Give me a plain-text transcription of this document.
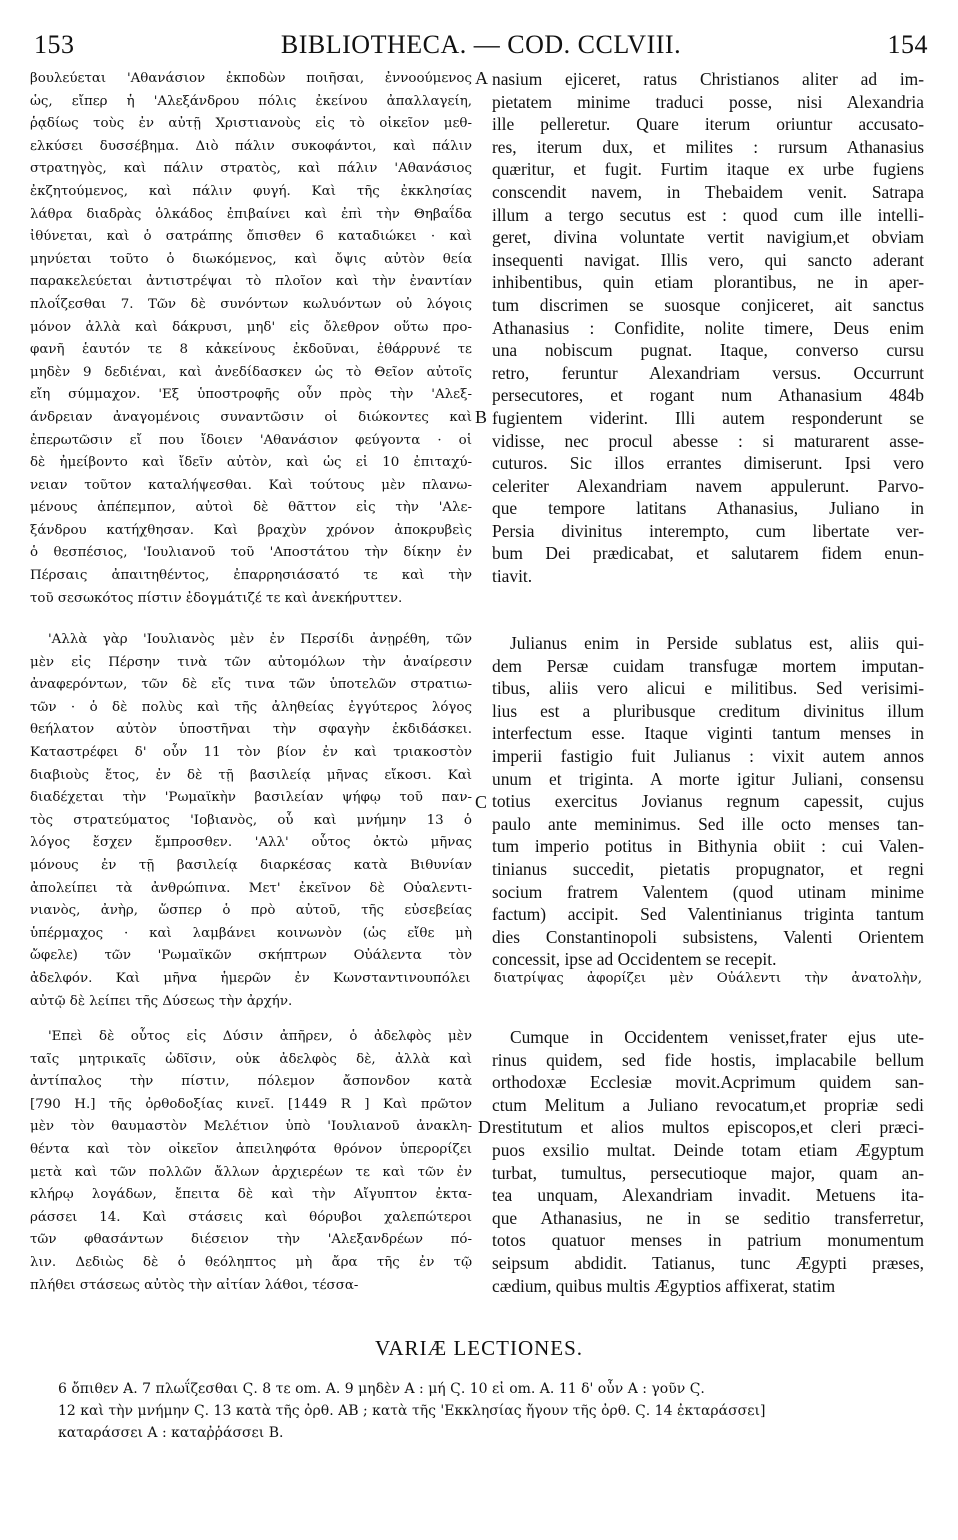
153	BIBLIOTHECA. — COD. CCLVIII.	154
A
B
C
D
βουλεύεται 'Αθανάσιον ἐκποδὼν ποιῆσαι, ἐννοούμενος
ὡς, εἴπερ ἡ 'Αλεξάνδρου πόλις ἐκείνου ἀπαλλαγείη,
ῥᾳδίως τοὺς ἐν αὐτῇ Χριστιανοὺς εἰς τὸ οἰκεῖον μεθ-
ελκύσει δυσσέβημα. Διὸ πάλιν συκοφάντοι, καὶ πάλιν
στρατηγὸς, καὶ πάλιν στρατὸς, καὶ πάλιν 'Αθανάσιος
ἐκζητούμενος, καὶ πάλιν φυγή. Καὶ τῆς ἐκκλησίας
λάθρα διαδρὰς ὁλκάδος ἐπιβαίνει καὶ ἐπὶ τὴν Θηβαΐδα
ἰθύνεται, καὶ ὁ σατράπης ὄπισθεν 6 καταδιώκει · καὶ
μηνύεται τοῦτο ὁ διωκόμενος, καὶ ὄψις αὐτὸν θεία
παρακελεύεται ἀντιστρέψαι τὸ πλοῖον καὶ τὴν ἐναντίαν
πλοΐζεσθαι 7. Τῶν δὲ συνόντων κωλυόντων οὐ λόγοις
μόνον ἀλλὰ καὶ δάκρυσι, μηδ' εἰς ὄλεθρον οὕτω προ-
φανῆ ἑαυτόν τε 8 κἀκείνους ἐκδοῦναι, ἐθάρρυνέ τε
μηδὲν 9 δεδιέναι, καὶ ἀνεδίδασκεν ὡς τὸ Θεῖον αὐτοῖς
εἴη σύμμαχον. 'Εξ ὑποστροφῆς οὖν πρὸς τὴν 'Αλεξ-
άνδρειαν ἀναγομένοις συναντῶσιν οἱ διώκοντες καὶ
ἐπερωτῶσιν εἴ που ἴδοιεν 'Αθανάσιον φεύγοντα · οἱ
δὲ ἠμείβοντο καὶ ἴδεῖν αὐτὸν, καὶ ὡς εἰ 10 ἐπιταχύ-
νειαν τοῦτον καταλήψεσθαι. Καὶ τούτους μὲν πλανω-
μένους ἀπέπεμπον, αὐτοὶ δὲ θᾶττον εἰς τὴν 'Αλε-
ξάνδρου κατήχθησαν. Καὶ βραχὺν χρόνον ἀποκρυβεὶς
ὁ θεσπέσιος, 'Ιουλιανοῦ τοῦ 'Αποστάτου τὴν δίκην ἐν
Πέρσαις ἀπαιτηθέντος, ἐπαρρησιάσατό τε καὶ τὴν
τοῦ σεσωκότος πίστιν ἐδογμάτιζέ τε καὶ ἀνεκήρυττεν.
'Αλλὰ γὰρ 'Ιουλιανὸς μὲν ἐν Περσίδι ἀνῃρέθη, τῶν
μὲν εἰς Πέρσην τινὰ τῶν αὐτομόλων τὴν ἀναίρεσιν
ἀναφερόντων, τῶν δὲ εἴς τινα τῶν ὑποτελῶν στρατιω-
τῶν · ὁ δὲ πολὺς καὶ τῆς ἀληθείας ἐγγύτερος λόγος
θεήλατον αὐτὸν ὑποστῆναι τὴν σφαγὴν ἐκδιδάσκει.
Καταστρέφει δ' οὖν 11 τὸν βίον ἐν καὶ τριακοστὸν
διαβιοὺς ἔτος, ἐν δὲ τῇ βασιλείᾳ μῆνας εἴκοσι. Καὶ
διαδέχεται τὴν 'Ρωμαϊκὴν βασιλείαν ψήφῳ τοῦ παν-
τὸς στρατεύματος 'Ιοβιανὸς, οὗ καὶ μνήμην 13 ὁ
λόγος ἔσχεν ἔμπροσθεν. 'Αλλ' οὗτος ὀκτὼ μῆνας
μόνους ἐν τῇ βασιλείᾳ διαρκέσας κατὰ Βιθυνίαν
ἀπολείπει τὰ ἀνθρώπινα. Μετ' ἐκεῖνον δὲ Οὐαλεντι-
νιανὸς, ἀνὴρ, ὥσπερ ὁ πρὸ αὐτοῦ, τῆς εὐσεβείας
ὑπέρμαχος · καὶ λαμβάνει κοινωνὸν (ὡς εἴθε μὴ
ὤφελε) τῶν 'Ρωμαϊκῶν σκήπτρων Οὐάλεντα τὸν
ἀδελφόν. Καὶ μῆνα ἡμερῶν ἐν Κωνσταντινουπόλει διατρίψας ἀφορίζει μὲν Οὐάλεντι τὴν ἀνατολὴν,
αὐτῷ δὲ λείπει τῆς Δύσεως τὴν ἀρχήν.
'Επεὶ δὲ οὗτος εἰς Δύσιν ἀπῆρεν, ὁ ἀδελφὸς μὲν
ταῖς μητρικαῖς ὠδῖσιν, οὐκ ἀδελφὸς δὲ, ἀλλὰ καὶ
ἀντίπαλος τὴν πίστιν, πόλεμον ἄσπονδον κατὰ
[790 H.] τῆς ὀρθοδοξίας κινεῖ. [1449 R ] Καὶ πρῶτον
μὲν τὸν θαυμαστὸν Μελέτιον ὑπὸ 'Ιουλιανοῦ ἀνακλη-
θέντα καὶ τὸν οἰκεῖον ἀπειληφότα θρόνον ὑπερορίζει
μετὰ καὶ τῶν πολλῶν ἄλλων ἀρχιερέων τε καὶ τῶν ἐν
κλήρῳ λογάδων, ἔπειτα δὲ καὶ τὴν Αἴγυπτον ἐκτα-
ράσσει 14. Καὶ στάσεις καὶ θόρυβοι χαλεπώτεροι
τῶν φθασάντων διέσειον τὴν 'Αλεξανδρέων πό-
λιν. Δεδιὼς δὲ ὁ θεόληπτος μὴ ἄρα τῆς ἐν τῷ
πλήθει στάσεως αὐτὸς τὴν αἰτίαν λάθοι, τέσσα-
nasium ejiceret, ratus Christianos aliter ad im-
pietatem minime traduci posse, nisi Alexandria
ille pelleretur. Quare iterum oriuntur accusato-
res, iterum dux, et milites : rursum Athanasius
quæritur, et fugit. Furtim itaque ex urbe fugiens
conscendit navem, in Thebaidem venit. Satrapa
illum a tergo secutus est : quod cum ille intelli-
geret, divina voluntate vertit navigium,et obviam
insequenti navigat. Illis vero, qui sancto aderant
inhibentibus, quin etiam plorantibus, ne in aper-
tum discrimen se suosque conjiceret, ait sanctus
Athanasius : Confidite, nolite timere, Deus enim
una nobiscum pugnat. Itaque, converso cursu
retro, feruntur Alexandriam versus. Occurrunt
persecutores, et rogant num Athanasium 484b
fugientem viderint. Illi autem responderunt se
vidisse, nec procul abesse : si maturarent asse-
cuturos. Sic illos errantes dimiserunt. Ipsi vero
celeriter Alexandriam navem appulerunt. Parvo-
que tempore latitans Athanasius, Juliano in
Persia divinitus interempto, cum libertate ver-
bum Dei prædicabat, et salutarem fidem enun-
tiavit.
Julianus enim in Perside sublatus est, aliis qui-
dem Persæ cuidam transfugæ mortem imputan-
tibus, aliis vero alicui e militibus. Sed verisimi-
lius est a pluribusque creditum divinitus illum
interfectum esse. Itaque viginti tantum menses in
imperii fastigio fuit Julianus : vixit autem annos
unum et triginta. A morte igitur Juliani, consensu
totius exercitus Jovianus regnum capessit, cujus
paulo ante meminimus. Sed ille octo menses tan-
tum imperio potitus in Bithynia obiit : cui Valen-
tinianus succedit, pietatis propugnator, et regni
socium fratrem Valentem (quod utinam minime
factum) accipit. Sed Valentinianus triginta tantum
dies Constantinopoli subsistens, Valenti Orientem
concessit, ipse ad Occidentem se recepit.
Cumque in Occidentem venisset,frater ejus ute-
rinus quidem, sed fide hostis, implacabile bellum
orthodoxæ Ecclesiæ movit.Acprimum quidem san-
ctum Melitum a Juliano revocatum,et propriæ sedi
restitutum et alios multos episcopos,et cleri præci-
puos exsilio multat. Deinde totam etiam Ægyptum
turbat, tumultus, persecutioque major, quam an-
tea unquam, Alexandriam invadit. Metuens ita-
que Athanasius, ne in se seditio transferretur,
totos quatuor menses in patrium monumentum
seipsum abdidit. Tatianus, tunc Ægypti præses,
cædium, quibus multis Ægyptios affixerat, statim
VARIÆ LECTIONES.
6 ὄπιθεν A. 7 πλωΐζεσθαι Ϛ. 8 τε om. A. 9 μηδὲν A : μή Ϛ. 10 εἰ om. A. 11 δ' οὖν A : γοῦν Ϛ.
12 καὶ τὴν μνήμην Ϛ. 13 κατὰ τῆς ὀρθ. AB ; κατὰ τῆς 'Εκκλησίας ἤγουν τῆς ὀρθ. Ϛ. 14 ἐκταράσσει]
καταράσσει A : καταῤῥάσσει B.
